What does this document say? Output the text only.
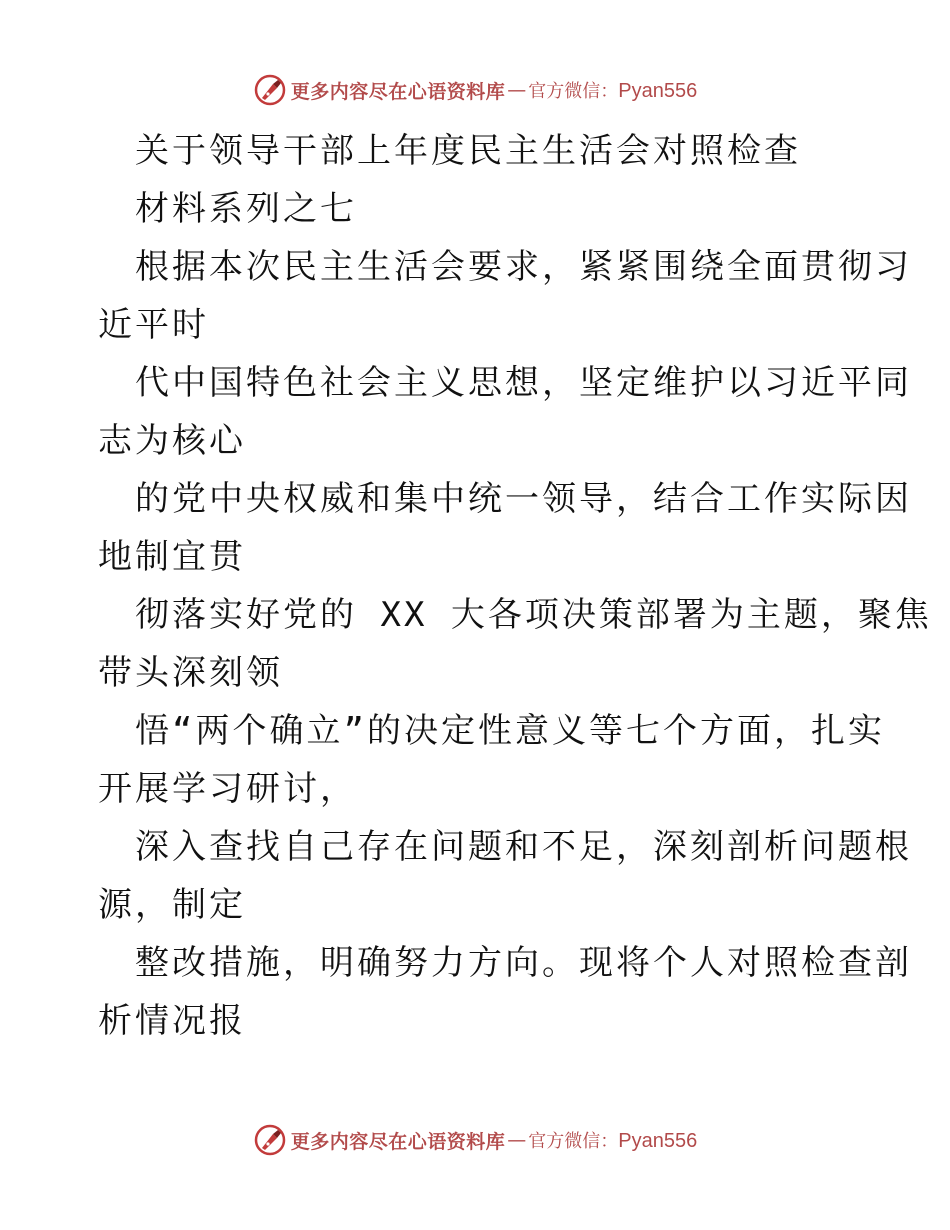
更多内容尽在心语资料库 — 官方微信：Pyan556
关于领导干部上年度民主生活会对照检查
材料系列之七
根据本次民主生活会要求，紧紧围绕全面贯彻习
近平时
代中国特色社会主义思想，坚定维护以习近平同
志为核心
的党中央权威和集中统一领导，结合工作实际因
地制宜贯
彻落实好党的 XX 大各项决策部署为主题，聚焦
带头深刻领
悟“两个确立”的决定性意义等七个方面，扎实
开展学习研讨，
深入查找自己存在问题和不足，深刻剖析问题根
源，制定
整改措施，明确努力方向。现将个人对照检查剖
析情况报
更多内容尽在心语资料库 — 官方微信：Pyan556
